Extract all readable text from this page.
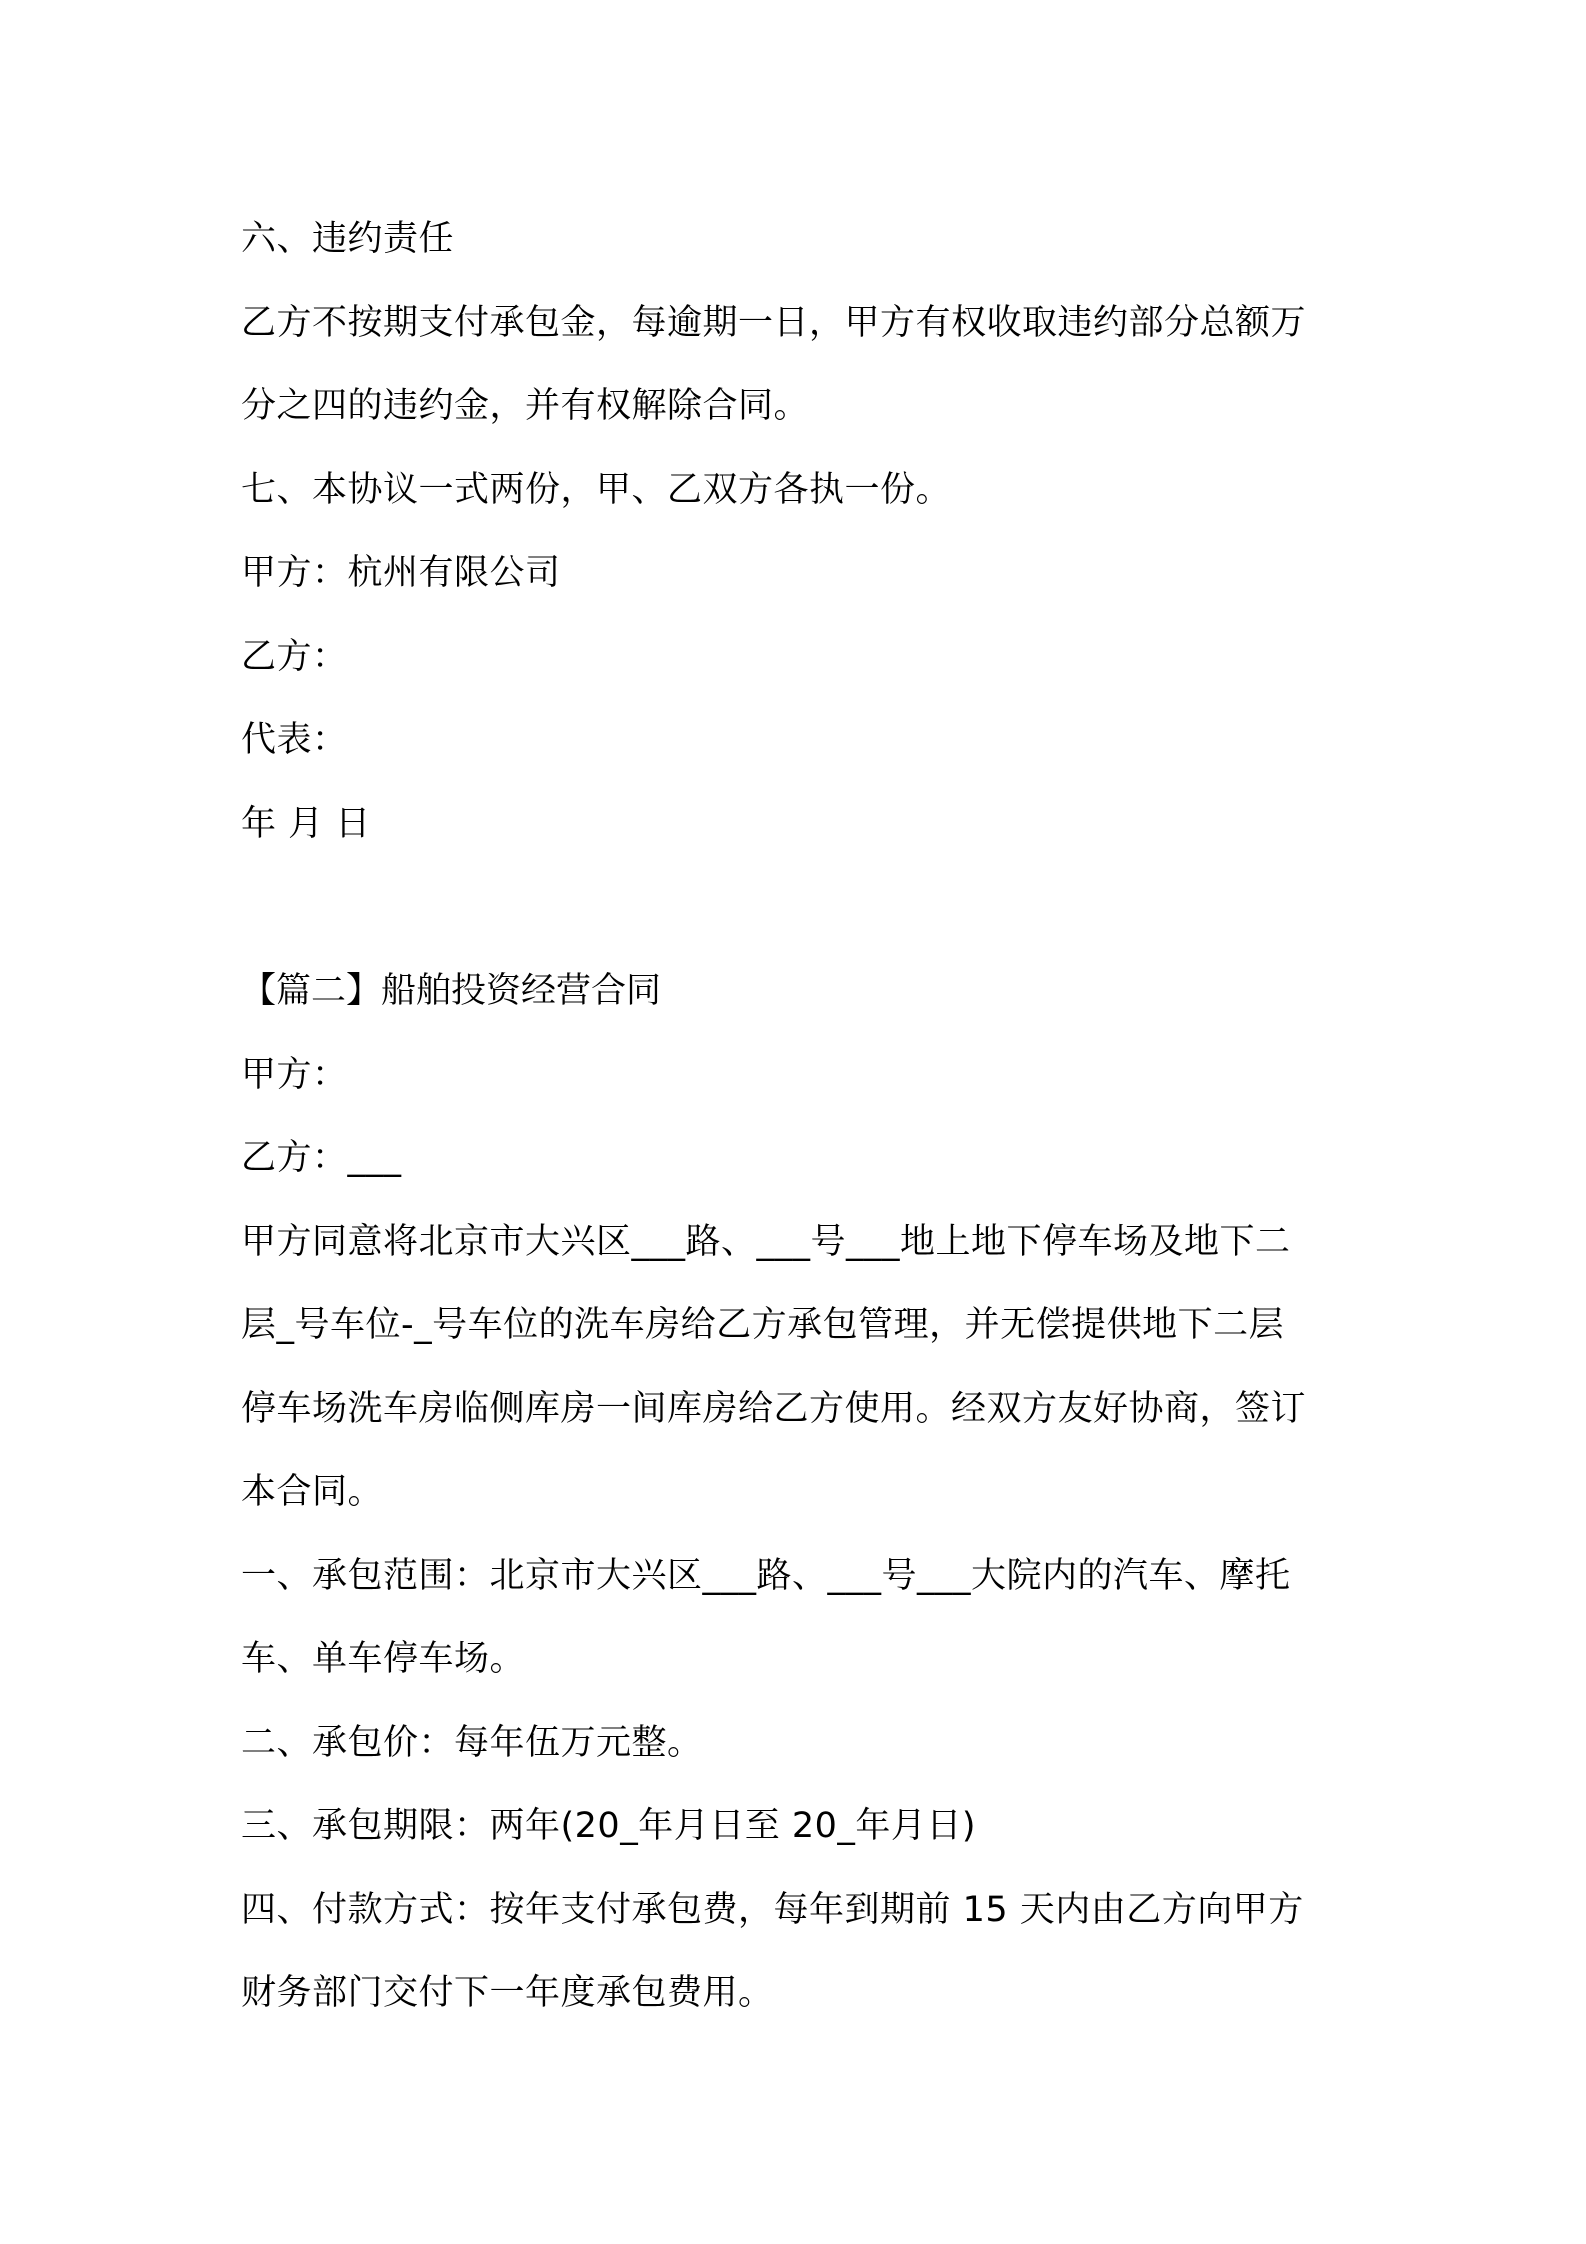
六、违约责任
乙方不按期支付承包金，每逾期一日，甲方有权收取违约部分总额万
分之四的违约金，并有权解除合同。
七、本协议一式两份，甲、乙双方各执一份。
甲方：杭州有限公司
乙方：
代表：
年 月 日
【篇二】船舶投资经营合同
甲方：
乙方：___
甲方同意将北京市大兴区___路、___号___地上地下停车场及地下二
层_号车位-_号车位的洗车房给乙方承包管理，并无偿提供地下二层
停车场洗车房临侧库房一间库房给乙方使用。经双方友好协商，签订
本合同。
一、承包范围：北京市大兴区___路、___号___大院内的汽车、摩托
车、单车停车场。
二、承包价：每年伍万元整。
三、承包期限：两年(20_年月日至 20_年月日)
四、付款方式：按年支付承包费，每年到期前 15 天内由乙方向甲方
财务部门交付下一年度承包费用。
